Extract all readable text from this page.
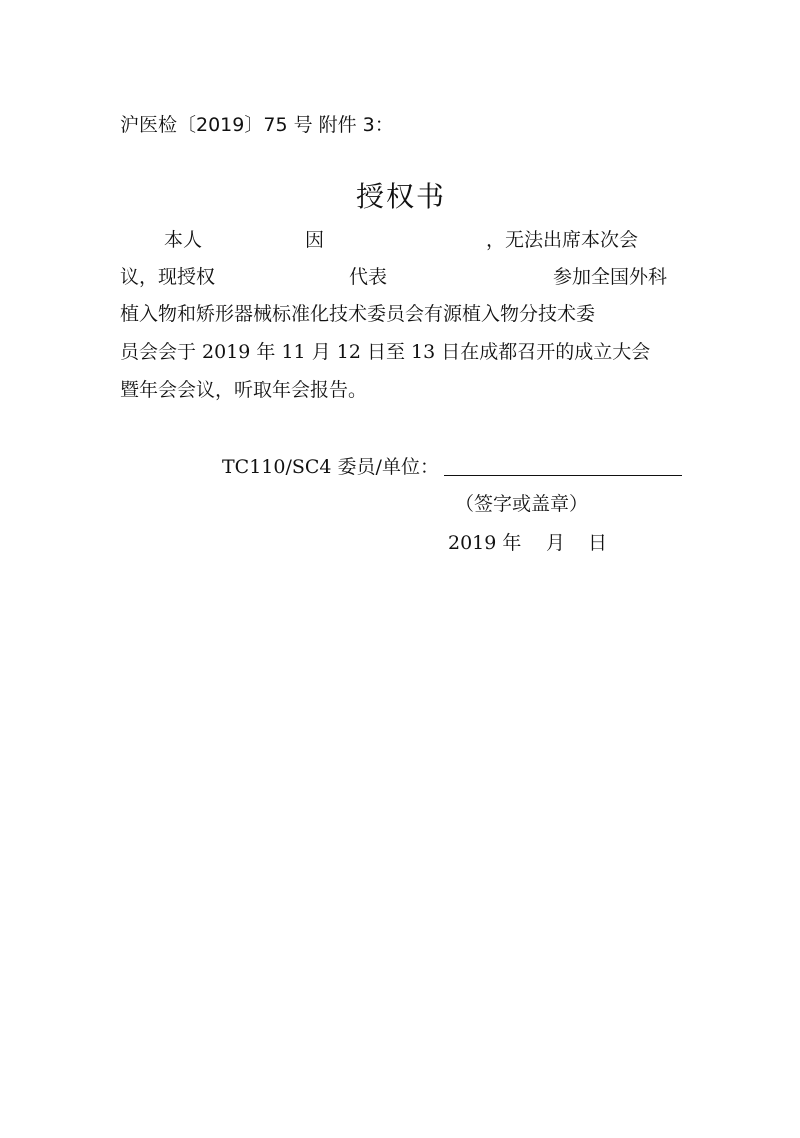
沪医检〔2019〕75 号 附件 3：
授权书
本人	因	，无法出席本次会
议，现授权	代表	参加全国外科
植入物和矫形器械标准化技术委员会有源植入物分技术委
员会会于 2019 年 11 月 12 日至 13 日在成都召开的成立大会
暨年会会议，听取年会报告。
TC110/SC4 委员/单位：
（签字或盖章）
2019 年 月 日
